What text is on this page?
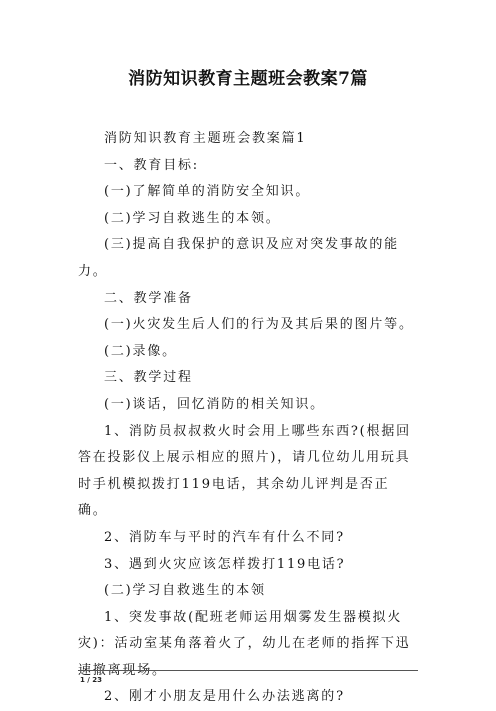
消防知识教育主题班会教案7篇

消防知识教育主题班会教案篇1

一、教育目标:

(一)了解简单的消防安全知识。

(二)学习自救逃生的本领。

(三)提高自我保护的意识及应对突发事故的能力。

二、教学准备

(一)火灾发生后人们的行为及其后果的图片等。

(二)录像。

三、教学过程

(一)谈话，回忆消防的相关知识。

1、消防员叔叔救火时会用上哪些东西?(根据回答在投影仪上展示相应的照片)，请几位幼儿用玩具时手机模拟拨打119电话，其余幼儿评判是否正确。

2、消防车与平时的汽车有什么不同?

3、遇到火灾应该怎样拨打119电话?

(二)学习自救逃生的本领

1、突发事故(配班老师运用烟雾发生器模拟火灾)：活动室某角落着火了，幼儿在老师的指挥下迅速撤离现场。

2、刚才小朋友是用什么办法逃离的?

1 / 23
